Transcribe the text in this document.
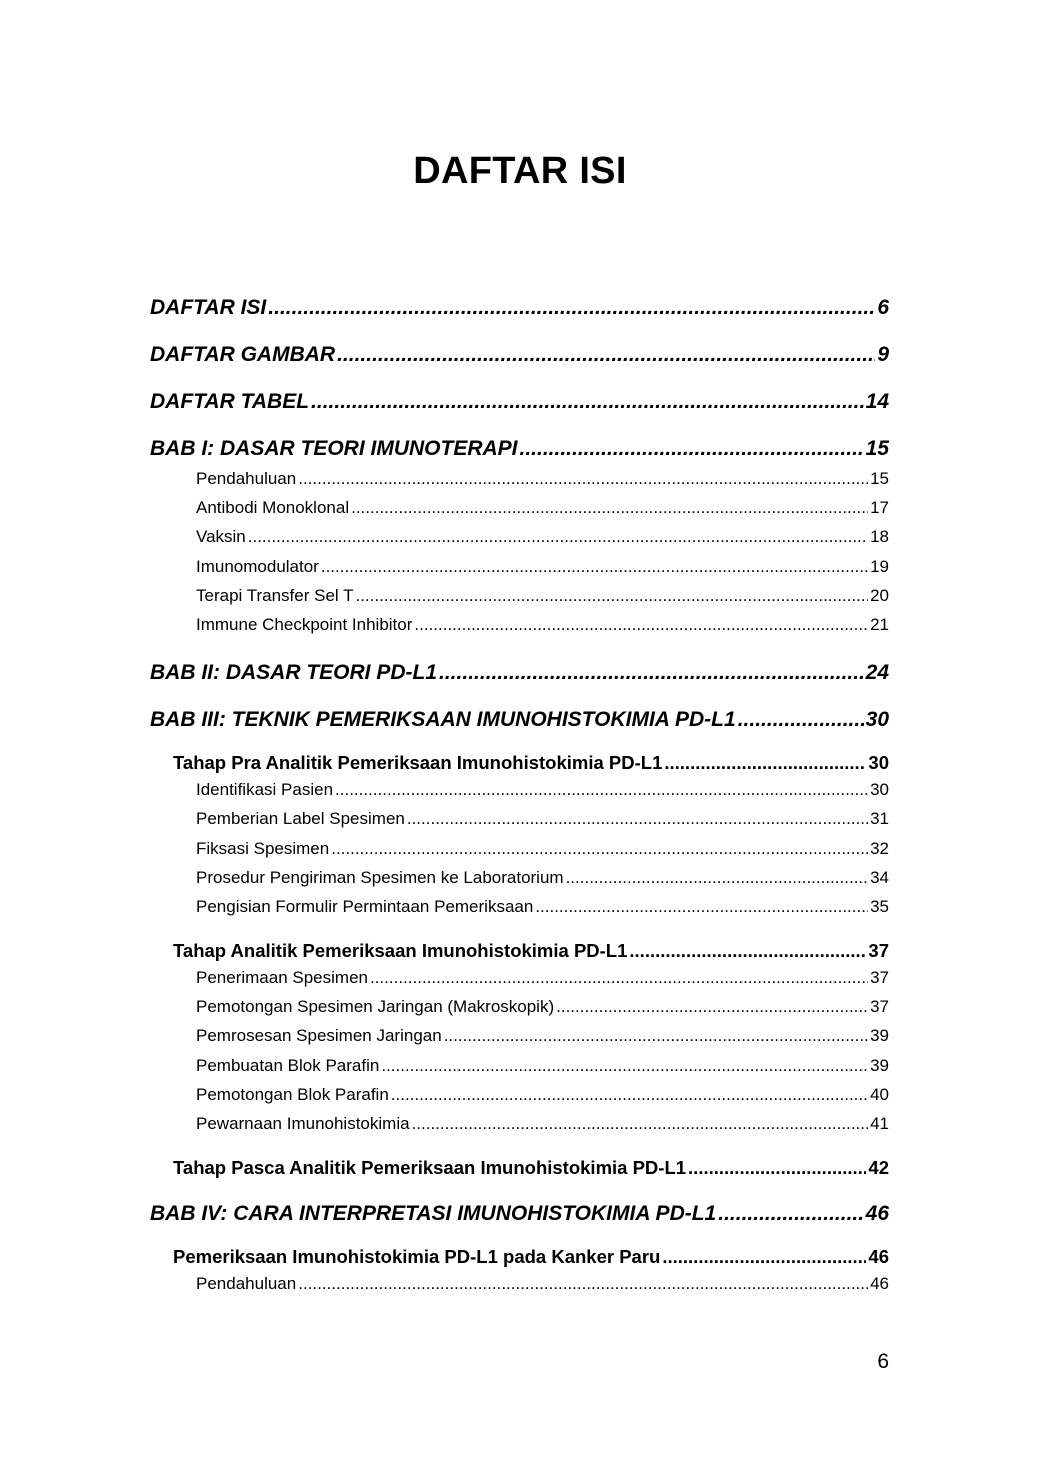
DAFTAR ISI
DAFTAR ISI .....	6
DAFTAR GAMBAR .....	9
DAFTAR TABEL .....	14
BAB I: DASAR TEORI IMUNOTERAPI .....	15
Pendahuluan .....	15
Antibodi Monoklonal .....	17
Vaksin .....	18
Imunomodulator .....	19
Terapi Transfer Sel T .....	20
Immune Checkpoint Inhibitor .....	21
BAB II: DASAR TEORI PD-L1 .....	24
BAB III: TEKNIK PEMERIKSAAN IMUNOHISTOKIMIA PD-L1 .....	30
Tahap Pra Analitik Pemeriksaan Imunohistokimia PD-L1 .....	30
Identifikasi Pasien .....	30
Pemberian Label Spesimen .....	31
Fiksasi Spesimen .....	32
Prosedur Pengiriman Spesimen ke Laboratorium .....	34
Pengisian Formulir Permintaan Pemeriksaan .....	35
Tahap Analitik Pemeriksaan Imunohistokimia PD-L1 .....	37
Penerimaan Spesimen .....	37
Pemotongan Spesimen Jaringan (Makroskopik) .....	37
Pemrosesan Spesimen Jaringan .....	39
Pembuatan Blok Parafin .....	39
Pemotongan Blok Parafin .....	40
Pewarnaan Imunohistokimia .....	41
Tahap Pasca Analitik Pemeriksaan Imunohistokimia PD-L1 .....	42
BAB IV: CARA INTERPRETASI IMUNOHISTOKIMIA PD-L1 .....	46
Pemeriksaan Imunohistokimia PD-L1 pada Kanker Paru .....	46
Pendahuluan .....	46
6
